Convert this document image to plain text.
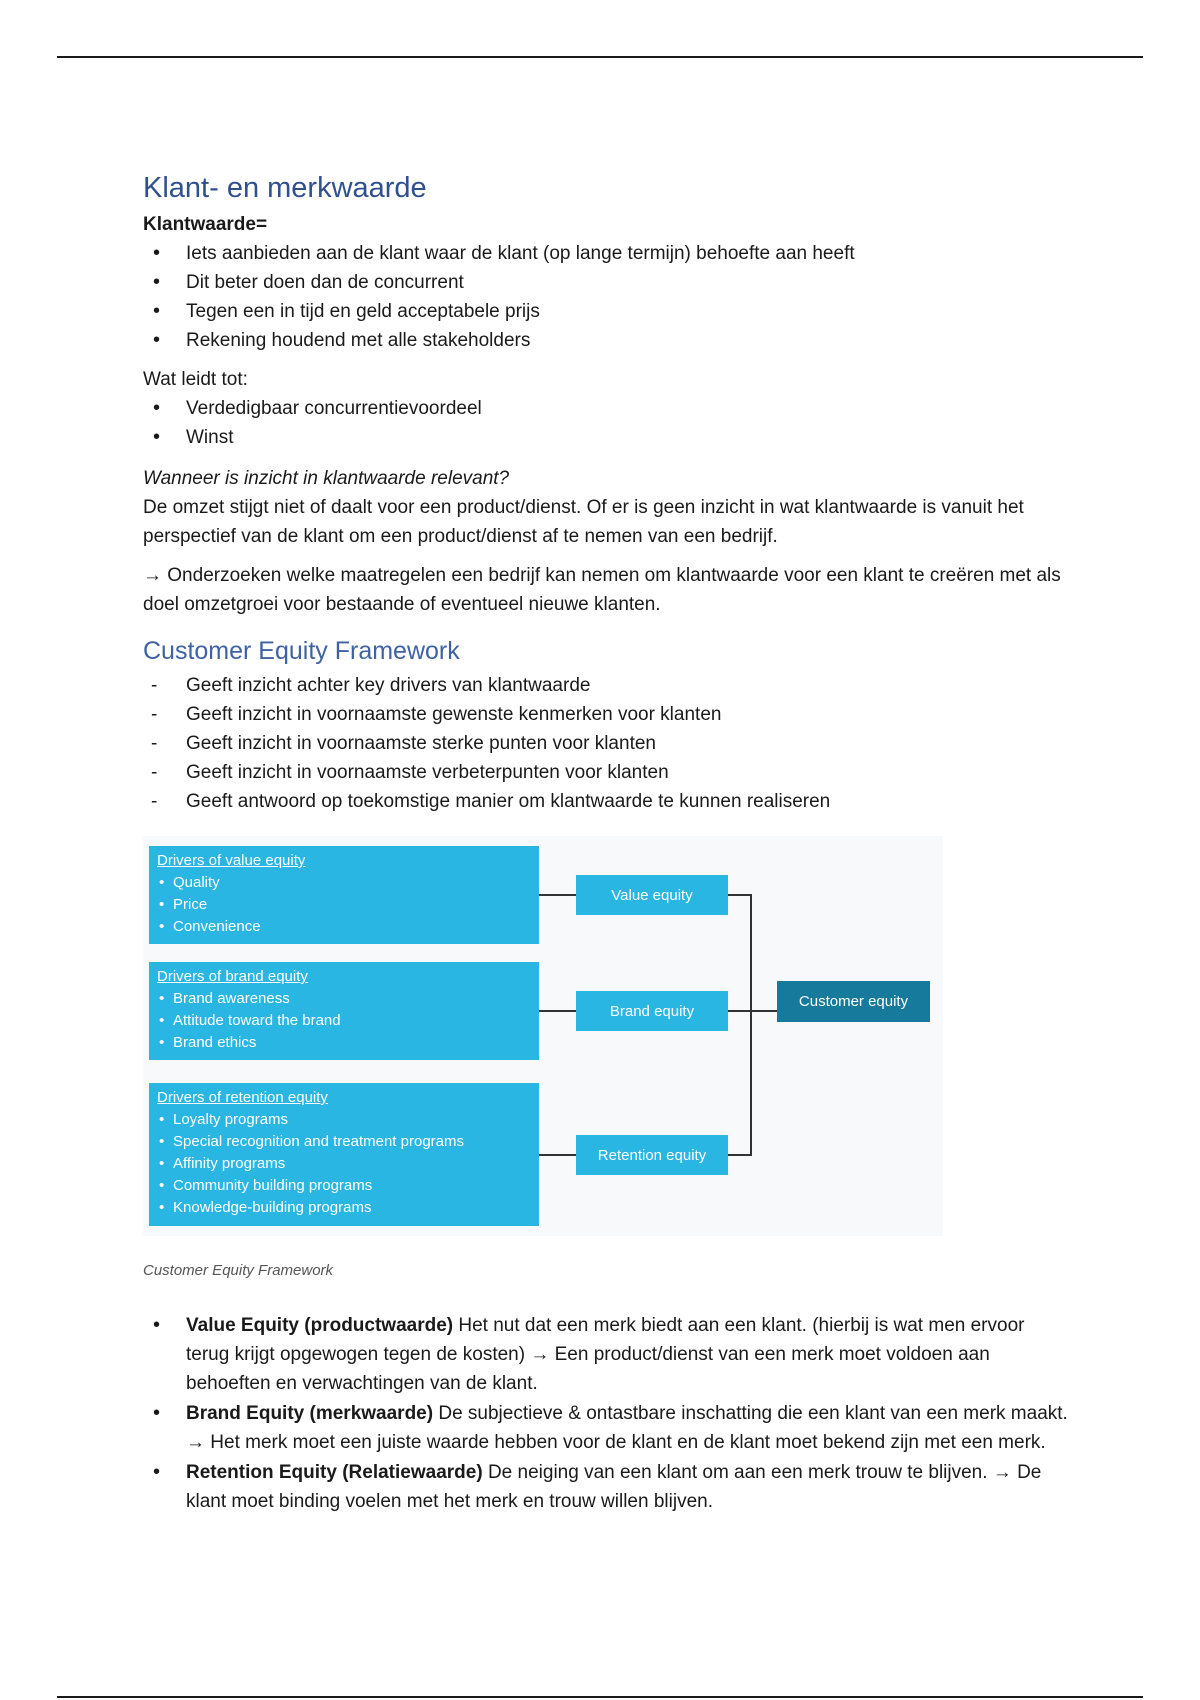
Klant- en merkwaarde

Klantwaarde=

• Iets aanbieden aan de klant waar de klant (op lange termijn) behoefte aan heeft
• Dit beter doen dan de concurrent
• Tegen een in tijd en geld acceptabele prijs
• Rekening houdend met alle stakeholders

Wat leidt tot:

• Verdedigbaar concurrentievoordeel
• Winst

Wanneer is inzicht in klantwaarde relevant?

De omzet stijgt niet of daalt voor een product/dienst. Of er is geen inzicht in wat klantwaarde is vanuit het perspectief van de klant om een product/dienst af te nemen van een bedrijf.

→ Onderzoeken welke maatregelen een bedrijf kan nemen om klantwaarde voor een klant te creëren met als doel omzetgroei voor bestaande of eventueel nieuwe klanten.

Customer Equity Framework
- Geeft inzicht achter key drivers van klantwaarde
- Geeft inzicht in voornaamste gewenste kenmerken voor klanten
- Geeft inzicht in voornaamste sterke punten voor klanten
- Geeft inzicht in voornaamste verbeterpunten voor klanten
- Geeft antwoord op toekomstige manier om klantwaarde te kunnen realiseren
Drivers of value equity
• Quality
• Price
• Convenience
Drivers of brand equity
• Brand awareness
• Attitude toward the brand
• Brand ethics
Drivers of retention equity
• Loyalty programs
• Special recognition and treatment programs
• Affinity programs
• Community building programs
• Knowledge-building programs
Value equity
Brand equity
Retention equity
Customer equity

Customer Equity Framework

• Value Equity (productwaarde) Het nut dat een merk biedt aan een klant. (hierbij is wat men ervoor terug krijgt opgewogen tegen de kosten) → Een product/dienst van een merk moet voldoen aan behoeften en verwachtingen van de klant.
• Brand Equity (merkwaarde) De subjectieve & ontastbare inschatting die een klant van een merk maakt. → Het merk moet een juiste waarde hebben voor de klant en de klant moet bekend zijn met een merk.
• Retention Equity (Relatiewaarde) De neiging van een klant om aan een merk trouw te blijven. → De klant moet binding voelen met het merk en trouw willen blijven.
